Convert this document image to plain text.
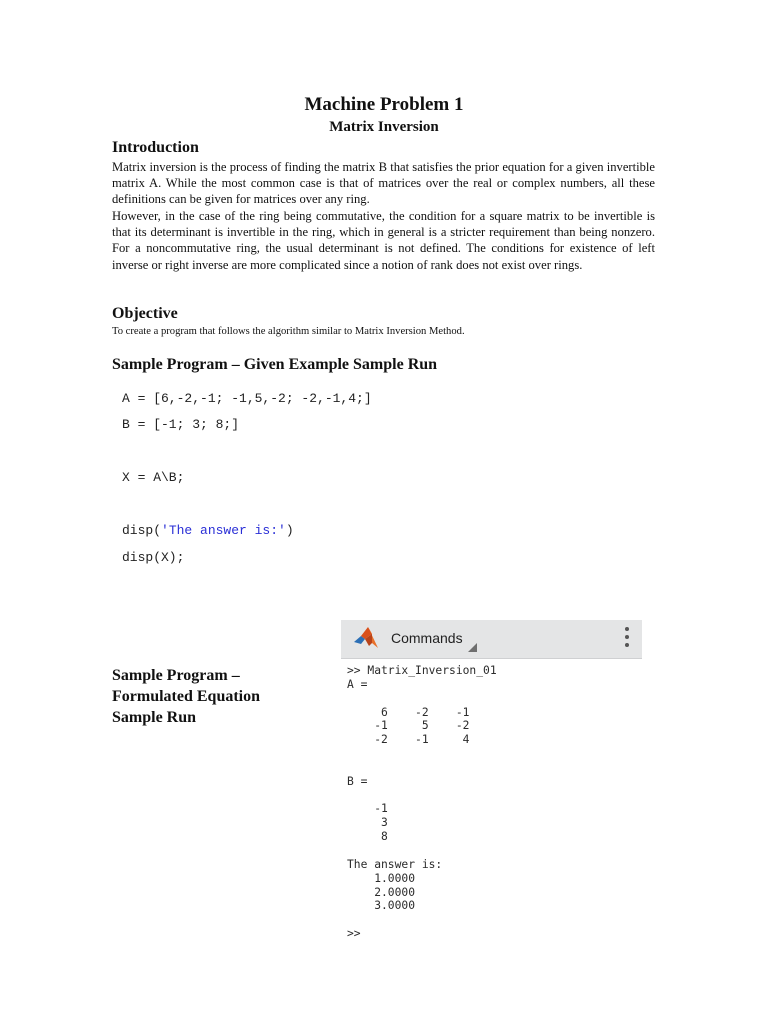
Machine Problem 1
Matrix Inversion
Introduction
Matrix inversion is the process of finding the matrix B that satisfies the prior equation for a given invertible matrix A. While the most common case is that of matrices over the real or complex numbers, all these definitions can be given for matrices over any ring.
However, in the case of the ring being commutative, the condition for a square matrix to be invertible is that its determinant is invertible in the ring, which in general is a stricter requirement than being nonzero. For a noncommutative ring, the usual determinant is not defined. The conditions for existence of left inverse or right inverse are more complicated since a notion of rank does not exist over rings.
Objective
To create a program that follows the algorithm similar to Matrix Inversion Method.
Sample Program – Given Example Sample Run
A = [6,-2,-1; -1,5,-2; -2,-1,4;]
B = [-1; 3; 8;]
X = A\B;
disp('The answer is:')
disp(X);
Sample Program –
Formulated Equation
Sample Run
Commands
>> Matrix_Inversion_01
A =

6    -2    -1
-1     5    -2
-2    -1     4

B =

-1
3
8

The answer is:
1.0000
2.0000
3.0000

>>
